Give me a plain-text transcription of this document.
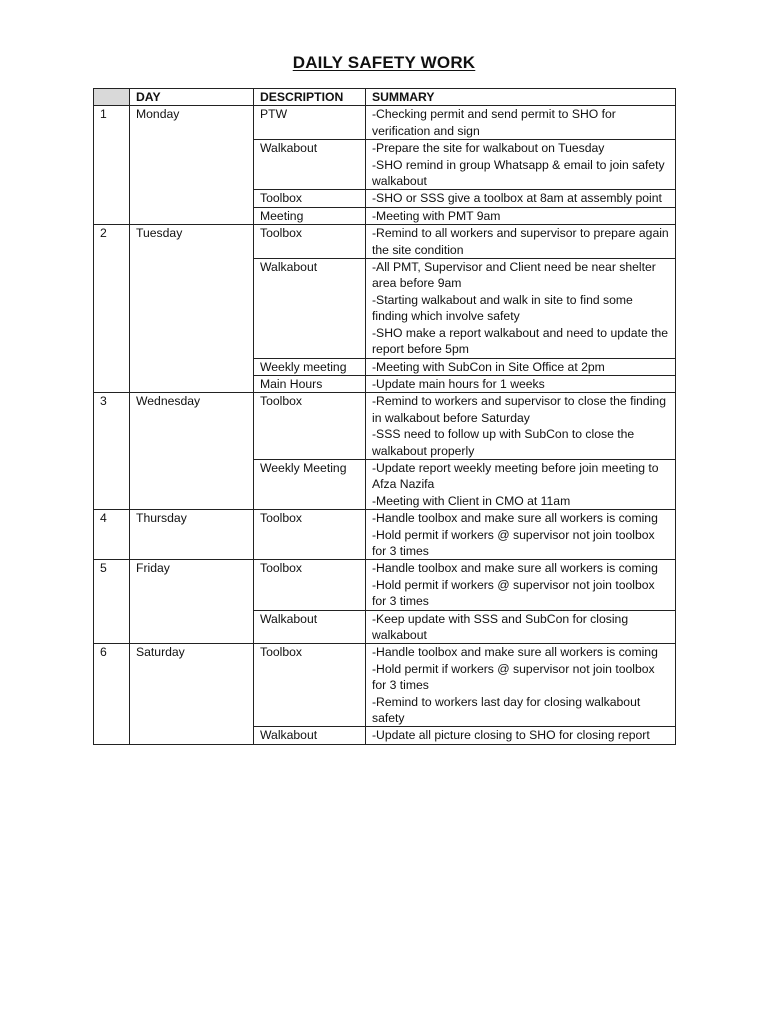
DAILY SAFETY WORK
	DAY	DESCRIPTION	SUMMARY
1	Monday	PTW	-Checking permit and send permit to SHO for verification and sign

		Walkabout	-Prepare the site for walkabout on Tuesday
-SHO remind in group Whatsapp & email to join safety walkabout

		Toolbox	-SHO or SSS give a toolbox at 8am at assembly point

		Meeting	-Meeting with PMT 9am

2	Tuesday	Toolbox	-Remind to all workers and supervisor to prepare again the site condition

		Walkabout	-All PMT, Supervisor and Client need be near shelter area before 9am
-Starting walkabout and walk in site to find some finding which involve safety
-SHO make a report walkabout and need to update the report before 5pm

		Weekly meeting	-Meeting with SubCon in Site Office at 2pm

		Main Hours	-Update main hours for 1 weeks

3	Wednesday	Toolbox	-Remind to workers and supervisor to close the finding in walkabout before Saturday
-SSS need to follow up with SubCon to close the walkabout properly

		Weekly Meeting	-Update report weekly meeting before join meeting to Afza Nazifa
-Meeting with Client in CMO at 11am

4	Thursday	Toolbox	-Handle toolbox and make sure all workers is coming
-Hold permit if workers @ supervisor not join toolbox for 3 times

5	Friday	Toolbox	-Handle toolbox and make sure all workers is coming
-Hold permit if workers @ supervisor not join toolbox for 3 times

		Walkabout	-Keep update with SSS and SubCon for closing walkabout

6	Saturday	Toolbox	-Handle toolbox and make sure all workers is coming
-Hold permit if workers @ supervisor not join toolbox for 3 times
-Remind to workers last day for closing walkabout safety

		Walkabout	-Update all picture closing to SHO for closing report
